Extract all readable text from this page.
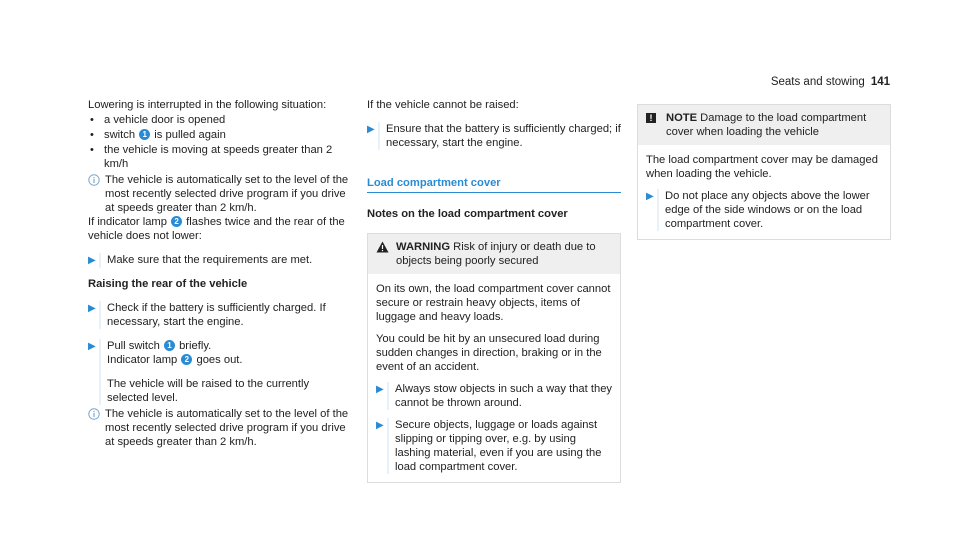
Seats and stowing 141

Lowering is interrupted in the following situation:

• a vehicle door is opened
• switch 1 is pulled again
• the vehicle is moving at speeds greater than 2 km/h

The vehicle is automatically set to the level of the most recently selected drive program if you drive at speeds greater than 2 km/h.

If indicator lamp 2 flashes twice and the rear of the vehicle does not lower:

▶	Make sure that the requirements are met.

Raising the rear of the vehicle

▶	Check if the battery is sufficiently charged. If necessary, start the engine.

▶	Pull switch 1 briefly.
Indicator lamp 2 goes out.

The vehicle will be raised to the currently selected level.

The vehicle is automatically set to the level of the most recently selected drive program if you drive at speeds greater than 2 km/h.

If the vehicle cannot be raised:

▶	Ensure that the battery is sufficiently charged; if necessary, start the engine.

Load compartment cover

Notes on the load compartment cover

WARNING Risk of injury or death due to objects being poorly secured

On its own, the load compartment cover cannot secure or restrain heavy objects, items of luggage and heavy loads.

You could be hit by an unsecured load during sudden changes in direction, braking or in the event of an accident.

▶	Always stow objects in such a way that they cannot be thrown around.

▶	Secure objects, luggage or loads against slipping or tipping over, e.g. by using lashing material, even if you are using the load compartment cover.

!	NOTE Damage to the load compartment cover when loading the vehicle

The load compartment cover may be damaged when loading the vehicle.

▶	Do not place any objects above the lower edge of the side windows or on the load compartment cover.
